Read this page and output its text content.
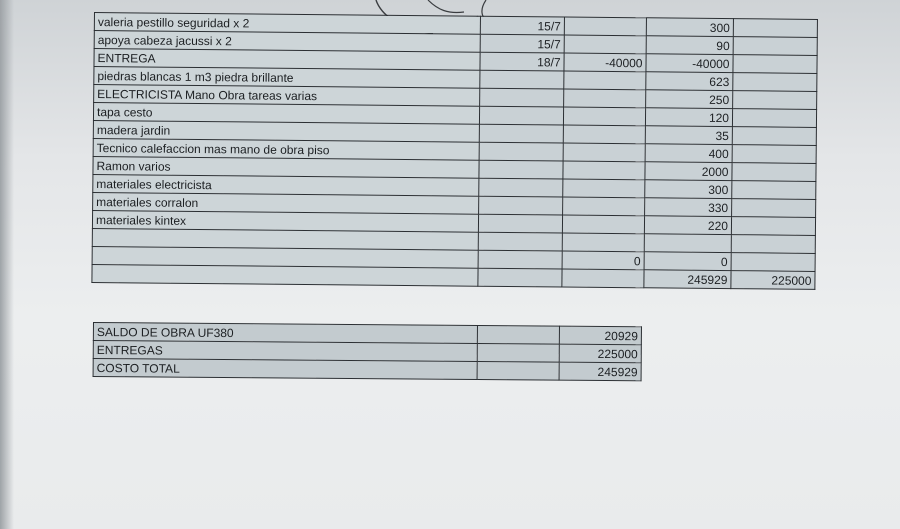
valeria pestillo seguridad x 2	15/7		300	
apoya cabeza jacussi x 2	15/7		90	
ENTREGA	18/7	-40000	-40000	
piedras blancas 1 m3 piedra brillante			623	
ELECTRICISTA Mano Obra tareas varias			250	
tapa cesto			120	
madera jardin			35	
Tecnico calefaccion mas mano de obra piso			400	
Ramon varios			2000	
materiales electricista			300	
materiales corralon			330	
materiales kintex			220	

		0	0	
			245929	225000
SALDO DE OBRA UF380		20929
ENTREGAS		225000
COSTO TOTAL		245929
